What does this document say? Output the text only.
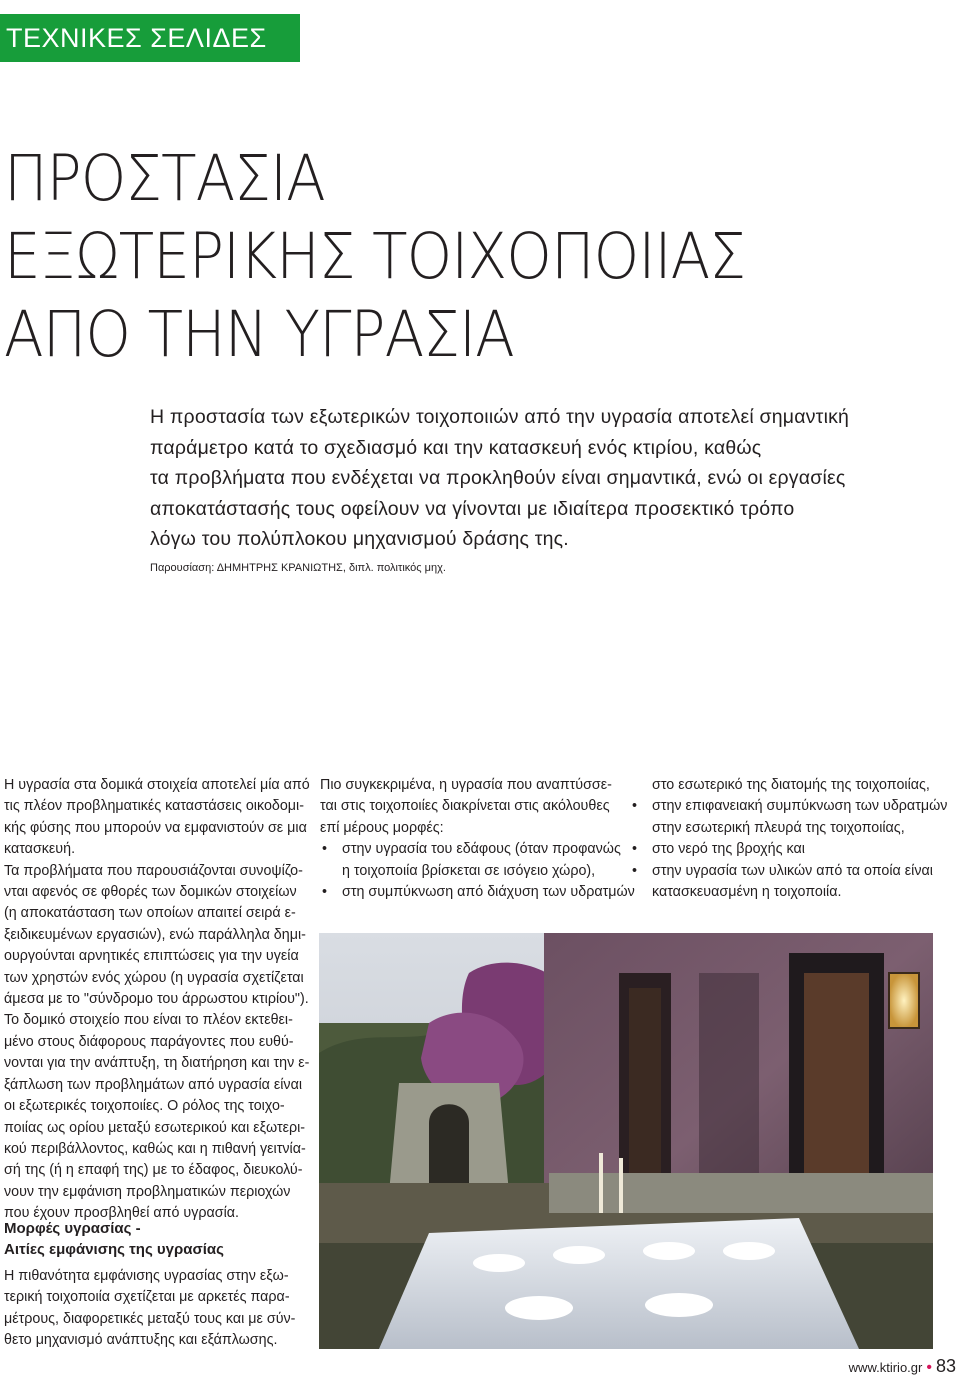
ΤΕΧΝΙΚΕΣ ΣΕΛΙΔΕΣ
ΠΡΟΣΤΑΣΙΑ
ΕΞΩΤΕΡΙΚΗΣ ΤΟΙΧΟΠΟΙΙΑΣ
ΑΠΟ ΤΗΝ ΥΓΡΑΣΙΑ

Η προστασία των εξωτερικών τοιχοποιιών από την υγρασία αποτελεί σημαντική
παράμετρο κατά το σχεδιασμό και την κατασκευή ενός κτιρίου, καθώς
τα προβλήματα που ενδέχεται να προκληθούν είναι σημαντικά, ενώ οι εργασίες
αποκατάστασής τους οφείλουν να γίνονται με ιδιαίτερα προσεκτικό τρόπο
λόγω του πολύπλοκου μηχανισμού δράσης της.

Παρουσίαση: ΔΗΜΗΤΡΗΣ ΚΡΑΝΙΩΤΗΣ, διπλ. πολιτικός μηχ.
Η υγρασία στα δομικά στοιχεία αποτελεί μία από
τις πλέον προβληματικές καταστάσεις οικοδομι-
κής φύσης που μπορούν να εμφανιστούν σε μια
κατασκευή.
Τα προβλήματα που παρουσιάζονται συνοψίζο-
νται αφενός σε φθορές των δομικών στοιχείων
(η αποκατάσταση των οποίων απαιτεί σειρά ε-
ξειδικευμένων εργασιών), ενώ παράλληλα δημι-
ουργούνται αρνητικές επιπτώσεις για την υγεία
των χρηστών ενός χώρου (η υγρασία σχετίζεται
άμεσα με το "σύνδρομο του άρρωστου κτιρίου").
Το δομικό στοιχείο που είναι το πλέον εκτεθει-
μένο στους διάφορους παράγοντες που ευθύ-
νονται για την ανάπτυξη, τη διατήρηση και την ε-
ξάπλωση των προβλημάτων από υγρασία είναι
οι εξωτερικές τοιχοποιίες. Ο ρόλος της τοιχο-
ποιίας ως ορίου μεταξύ εσωτερικού και εξωτερι-
κού περιβάλλοντος, καθώς και η πιθανή γειτνία-
σή της (ή η επαφή της) με το έδαφος, διευκολύ-
νουν την εμφάνιση προβληματικών περιοχών
που έχουν προσβληθεί από υγρασία.
Μορφές υγρασίας -
Αιτίες εμφάνισης της υγρασίας
Η πιθανότητα εμφάνισης υγρασίας στην εξω-
τερική τοιχοποιία σχετίζεται με αρκετές παρα-
μέτρους, διαφορετικές μεταξύ τους και με σύν-
θετο μηχανισμό ανάπτυξης και εξάπλωσης.
Πιο συγκεκριμένα, η υγρασία που αναπτύσσε-
ται στις τοιχοποιίες διακρίνεται στις ακόλουθες
επί μέρους μορφές:
• στην υγρασία του εδάφους (όταν προφανώς
η τοιχοποιία βρίσκεται σε ισόγειο χώρο),
• στη συμπύκνωση από διάχυση των υδρατμών
στο εσωτερικό της διατομής της τοιχοποιίας,
• στην επιφανειακή συμπύκνωση των υδρατμών
στην εσωτερική πλευρά της τοιχοποιίας,
• στο νερό της βροχής και
• στην υγρασία των υλικών από τα οποία είναι
κατασκευασμένη η τοιχοποιία.
www.ktirio.gr • 83
